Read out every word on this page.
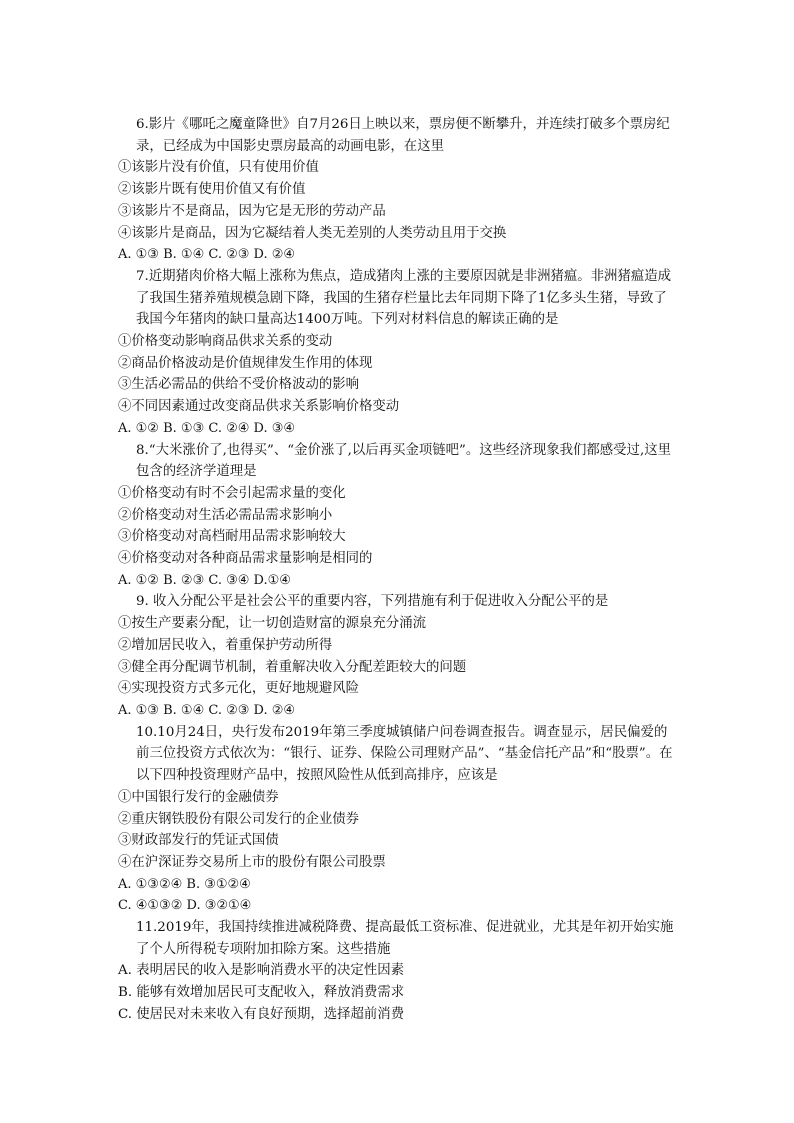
6.影片《哪吒之魔童降世》自7月26日上映以来，票房便不断攀升，并连续打破多个票房纪录，已经成为中国影史票房最高的动画电影，在这里

①该影片没有价值，只有使用价值

②该影片既有使用价值又有价值

③该影片不是商品，因为它是无形的劳动产品

④该影片是商品，因为它凝结着人类无差别的人类劳动且用于交换

A. ①③ B. ①④ C. ②③ D. ②④

7.近期猪肉价格大幅上涨称为焦点，造成猪肉上涨的主要原因就是非洲猪瘟。非洲猪瘟造成了我国生猪养殖规模急剧下降，我国的生猪存栏量比去年同期下降了1亿多头生猪，导致了我国今年猪肉的缺口量高达1400万吨。下列对材料信息的解读正确的是

①价格变动影响商品供求关系的变动

②商品价格波动是价值规律发生作用的体现

③生活必需品的供给不受价格波动的影响

④不同因素通过改变商品供求关系影响价格变动

A. ①② B. ①③ C. ②④ D. ③④

8.“大米涨价了,也得买”、“金价涨了,以后再买金项链吧”。这些经济现象我们都感受过,这里包含的经济学道理是

①价格变动有时不会引起需求量的变化

②价格变动对生活必需品需求影响小

③价格变动对高档耐用品需求影响较大

④价格变动对各种商品需求量影响是相同的

A. ①② B. ②③ C. ③④ D.①④

9. 收入分配公平是社会公平的重要内容，下列措施有利于促进收入分配公平的是

①按生产要素分配，让一切创造财富的源泉充分涌流

②增加居民收入，着重保护劳动所得

③健全再分配调节机制，着重解决收入分配差距较大的问题

④实现投资方式多元化，更好地规避风险

A. ①③ B. ①④ C. ②③ D. ②④

10.10月24日，央行发布2019年第三季度城镇储户问卷调查报告。调查显示，居民偏爱的前三位投资方式依次为：“银行、证券、保险公司理财产品”、“基金信托产品”和“股票”。在以下四种投资理财产品中，按照风险性从低到高排序，应该是

①中国银行发行的金融债券

②重庆钢铁股份有限公司发行的企业债券

③财政部发行的凭证式国债

④在沪深证券交易所上市的股份有限公司股票

A. ①③②④ B. ③①②④

C. ④①③② D. ③②①④

11.2019年，我国持续推进减税降费、提高最低工资标准、促进就业，尤其是年初开始实施了个人所得税专项附加扣除方案。这些措施

A. 表明居民的收入是影响消费水平的决定性因素

B. 能够有效增加居民可支配收入，释放消费需求

C. 使居民对未来收入有良好预期，选择超前消费
